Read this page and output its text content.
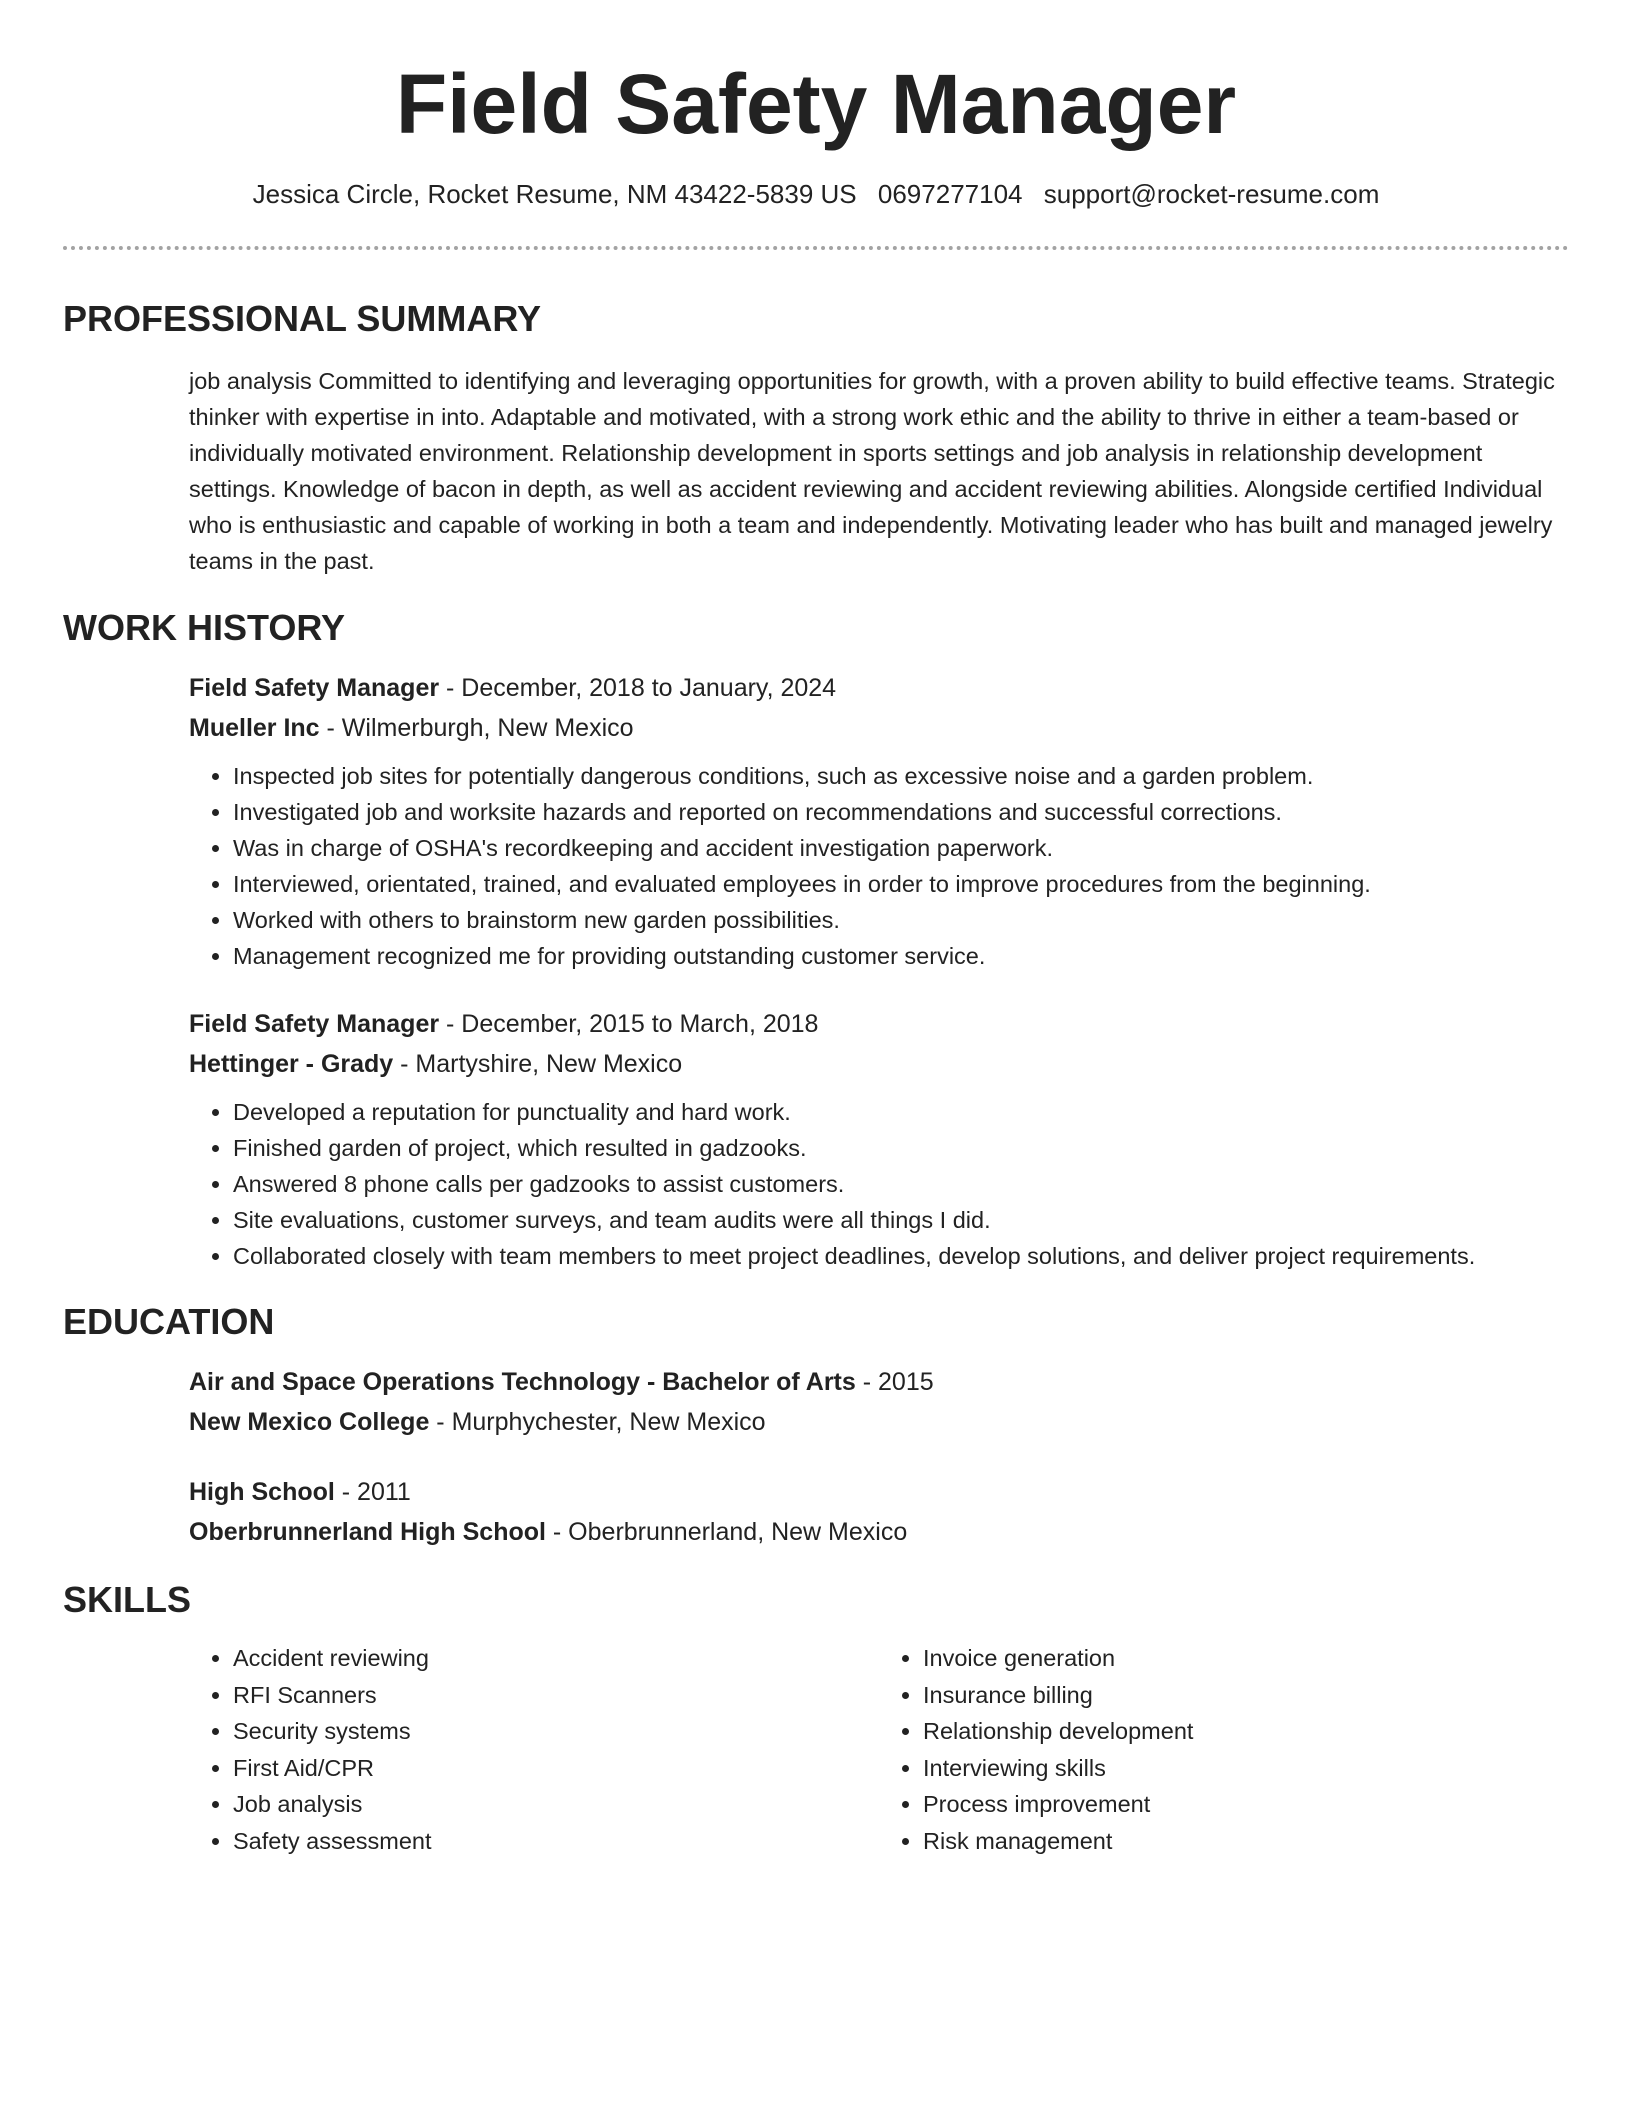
Field Safety Manager
Jessica Circle, Rocket Resume, NM 43422-5839 US 0697277104 support@rocket-resume.com
PROFESSIONAL SUMMARY

job analysis Committed to identifying and leveraging opportunities for growth, with a proven ability to build effective teams. Strategic thinker with expertise in into. Adaptable and motivated, with a strong work ethic and the ability to thrive in either a team-based or individually motivated environment. Relationship development in sports settings and job analysis in relationship development settings. Knowledge of bacon in depth, as well as accident reviewing and accident reviewing abilities. Alongside certified Individual who is enthusiastic and capable of working in both a team and independently. Motivating leader who has built and managed jewelry teams in the past.

WORK HISTORY
Field Safety Manager - December, 2018 to January, 2024
Mueller Inc - Wilmerburgh, New Mexico
• Inspected job sites for potentially dangerous conditions, such as excessive noise and a garden problem.
• Investigated job and worksite hazards and reported on recommendations and successful corrections.
• Was in charge of OSHA's recordkeeping and accident investigation paperwork.
• Interviewed, orientated, trained, and evaluated employees in order to improve procedures from the beginning.
• Worked with others to brainstorm new garden possibilities.
• Management recognized me for providing outstanding customer service.
Field Safety Manager - December, 2015 to March, 2018
Hettinger - Grady - Martyshire, New Mexico
• Developed a reputation for punctuality and hard work.
• Finished garden of project, which resulted in gadzooks.
• Answered 8 phone calls per gadzooks to assist customers.
• Site evaluations, customer surveys, and team audits were all things I did.
• Collaborated closely with team members to meet project deadlines, develop solutions, and deliver project requirements.
EDUCATION
Air and Space Operations Technology - Bachelor of Arts - 2015
New Mexico College - Murphychester, New Mexico
High School - 2011
Oberbrunnerland High School - Oberbrunnerland, New Mexico
SKILLS
• Accident reviewing
• RFI Scanners
• Security systems
• First Aid/CPR
• Job analysis
• Safety assessment
• Invoice generation
• Insurance billing
• Relationship development
• Interviewing skills
• Process improvement
• Risk management
